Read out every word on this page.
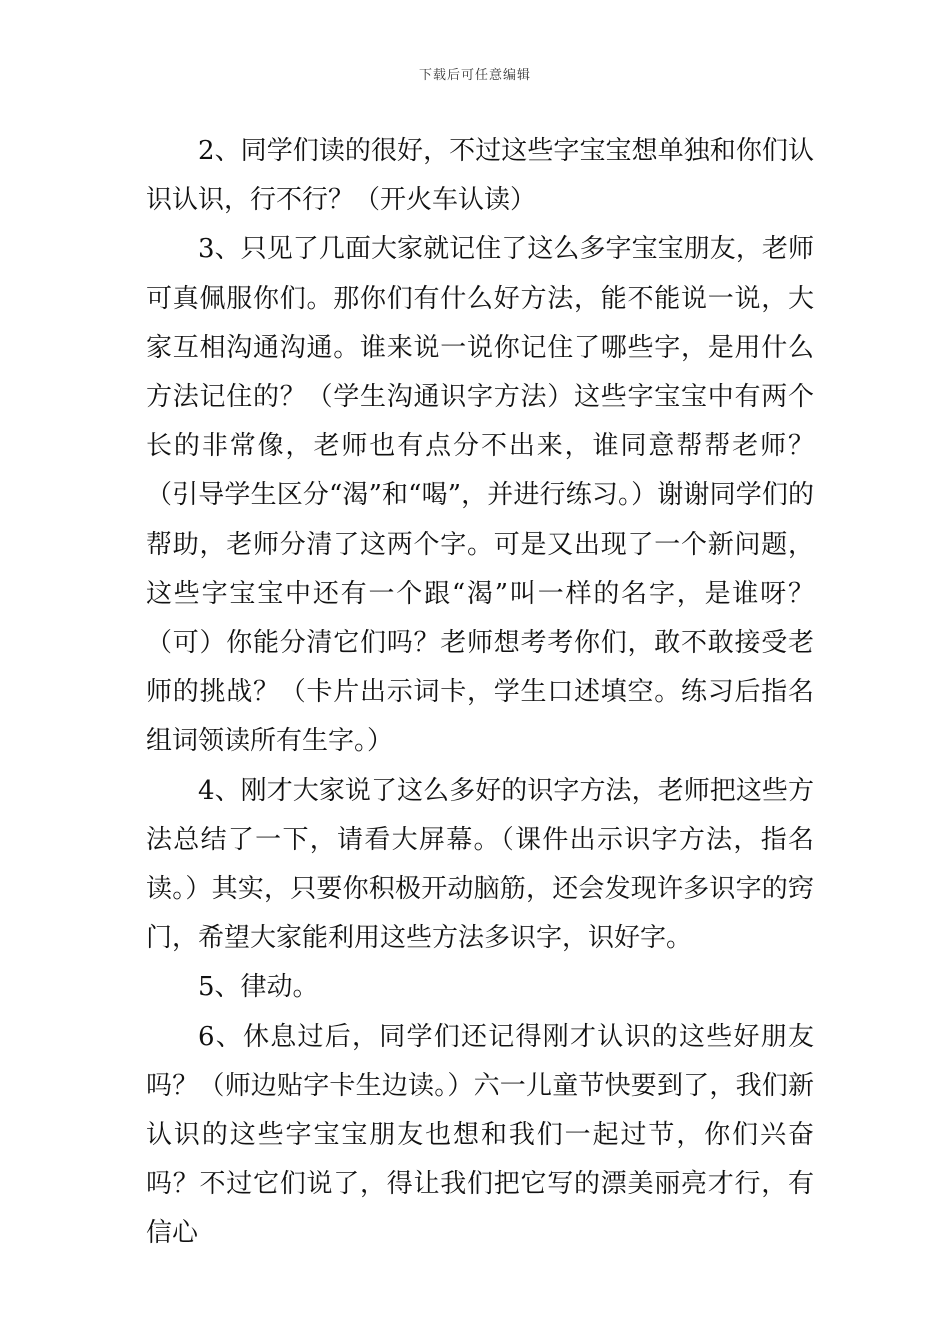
下载后可任意编辑

2、同学们读的很好，不过这些字宝宝想单独和你们认识认识，行不行？（开火车认读）

3、只见了几面大家就记住了这么多字宝宝朋友，老师可真佩服你们。那你们有什么好方法，能不能说一说，大家互相沟通沟通。谁来说一说你记住了哪些字，是用什么方法记住的？（学生沟通识字方法）这些字宝宝中有两个长的非常像，老师也有点分不出来，谁同意帮帮老师？（引导学生区分“渴”和“喝”，并进行练习。）谢谢同学们的帮助，老师分清了这两个字。可是又出现了一个新问题，这些字宝宝中还有一个跟“渴”叫一样的名字，是谁呀？（可）你能分清它们吗？老师想考考你们，敢不敢接受老师的挑战？（卡片出示词卡，学生口述填空。练习后指名组词领读所有生字。）

4、刚才大家说了这么多好的识字方法，老师把这些方法总结了一下，请看大屏幕。（课件出示识字方法，指名读。）其实，只要你积极开动脑筋，还会发现许多识字的窍门，希望大家能利用这些方法多识字，识好字。

5、律动。

6、休息过后，同学们还记得刚才认识的这些好朋友吗？（师边贴字卡生边读。）六一儿童节快要到了，我们新认识的这些字宝宝朋友也想和我们一起过节，你们兴奋吗？不过它们说了，得让我们把它写的漂美丽亮才行，有信心
